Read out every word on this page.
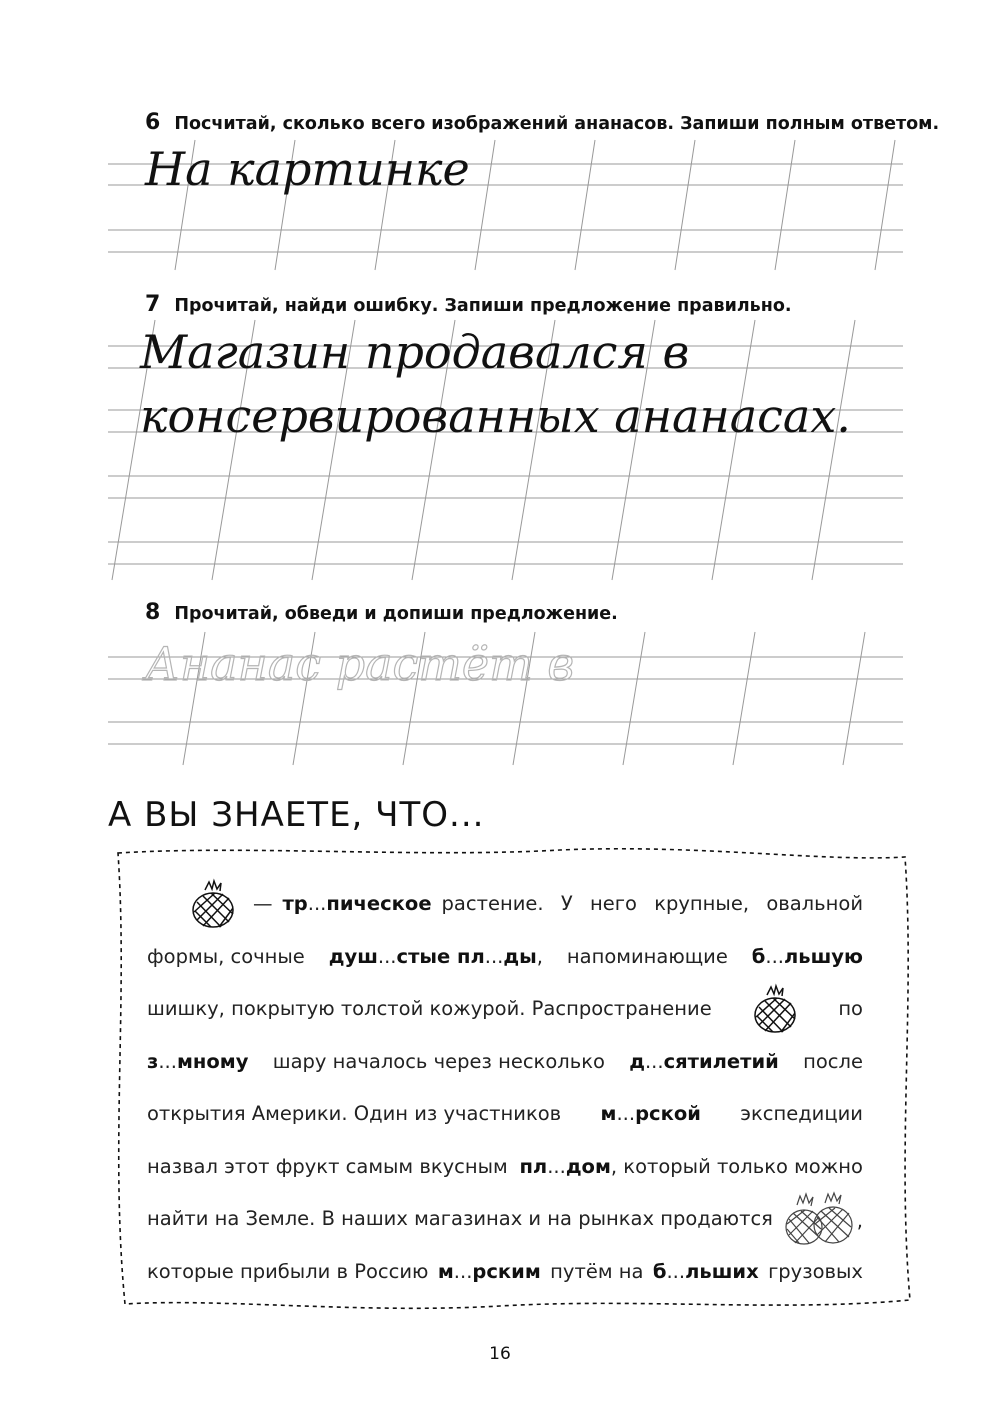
6 Посчитай, сколько всего изображений ананасов. Запиши полным ответом.
На картинке
Магазин продавался в
консервированных ананасах.
Ананас растёт в
7 Прочитай, найди ошибку. Запиши предложение правильно.
8 Прочитай, обведи и допиши предложение.
А ВЫ ЗНАЕТЕ, ЧТО...
— тр...пическое растение. У него крупные, овальной
формы, сочные душ...стые пл...ды, напоминающие б...льшую
шишку, покрытую толстой кожурой. Распространение	по
з...мному шару началось через несколько д...сятилетий после
открытия Америки. Один из участников м...рской экспедиции
назвал этот фрукт самым вкусным пл...дом, который только можно
найти на Земле. В наших магазинах и на рынках продаются	,
которые прибыли в Россию м...рским путём на б...льших грузовых
16
